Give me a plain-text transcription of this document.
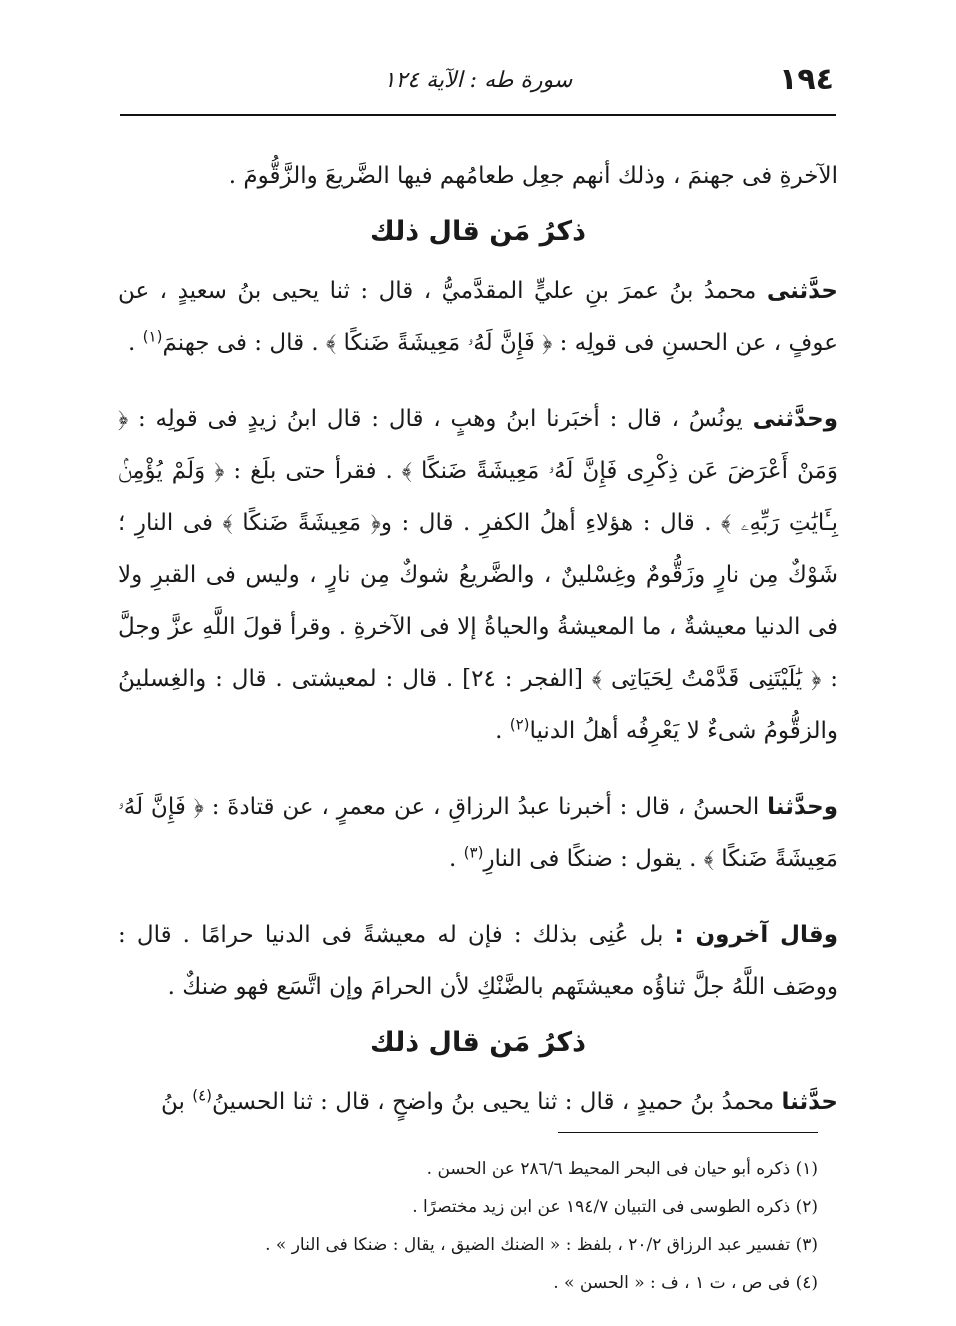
١٩٤
سورة طه : الآية ١٢٤

الآخرةِ فى جهنمَ ، وذلك أنهم جعِل طعامُهم فيها الضَّريعَ والزَّقُّومَ .

ذكرُ مَن قال ذلك

حدَّثنى محمدُ بنُ عمرَ بنِ عليٍّ المقدَّميُّ ، قال : ثنا يحيى بنُ سعيدٍ ، عن عوفٍ ، عن الحسنِ فى قولِه : ﴿ فَإِنَّ لَهُۥ مَعِيشَةً ضَنكًا ﴾ . قال : فى جهنمَ$^{(١)}$ .

وحدَّثنى يونُسُ ، قال : أخبَرنا ابنُ وهبٍ ، قال : قال ابنُ زيدٍ فى قولِه : ﴿ وَمَنْ أَعْرَضَ عَن ذِكْرِى فَإِنَّ لَهُۥ مَعِيشَةً ضَنكًا ﴾ . فقرأ حتى بلَغ : ﴿ وَلَمْ يُؤْمِنۢ بِـَٔايَٰتِ رَبِّهِۦ ﴾ . قال : هؤلاءِ أهلُ الكفرِ . قال : و﴿ مَعِيشَةً ضَنكًا ﴾ فى النارِ ؛ شَوْكٌ مِن نارٍ وزَقُّومٌ وغِسْلينٌ ، والضَّريعُ شوكٌ مِن نارٍ ، وليس فى القبرِ ولا فى الدنيا معيشةٌ ، ما المعيشةُ والحياةُ إلا فى الآخرةِ . وقرأ قولَ اللَّهِ عزَّ وجلَّ : ﴿ يَٰلَيْتَنِى قَدَّمْتُ لِحَيَاتِى ﴾ [الفجر : ٢٤] . قال : لمعيشتى . قال : والغِسلينُ والزقُّومُ شىءٌ لا يَعْرِفُه أهلُ الدنيا$^{(٢)}$ .

وحدَّثنا الحسنُ ، قال : أخبرنا عبدُ الرزاقِ ، عن معمرٍ ، عن قتادةَ : ﴿ فَإِنَّ لَهُۥ مَعِيشَةً ضَنكًا ﴾ . يقول : ضنكًا فى النارِ$^{(٣)}$ .

وقال آخرون : بل عُنِى بذلك : فإن له معيشةً فى الدنيا حرامًا . قال : ووصَف اللَّهُ جلَّ ثناؤُه معيشتَهم بالضَّنْكِ لأن الحرامَ وإن اتَّسَع فهو ضنكٌ .

ذكرُ مَن قال ذلك

حدَّثنا محمدُ بنُ حميدٍ ، قال : ثنا يحيى بنُ واضحٍ ، قال : ثنا الحسينُ$^{(٤)}$ بنُ

(١) ذكره أبو حيان فى البحر المحيط ٢٨٦/٦ عن الحسن .

(٢) ذكره الطوسى فى التبيان ١٩٤/٧ عن ابن زيد مختصرًا .

(٣) تفسير عبد الرزاق ٢٠/٢ ، بلفظ : « الضنك الضيق ، يقال : ضنكا فى النار » .

(٤) فى ص ، ت ١ ، ف : « الحسن » .
